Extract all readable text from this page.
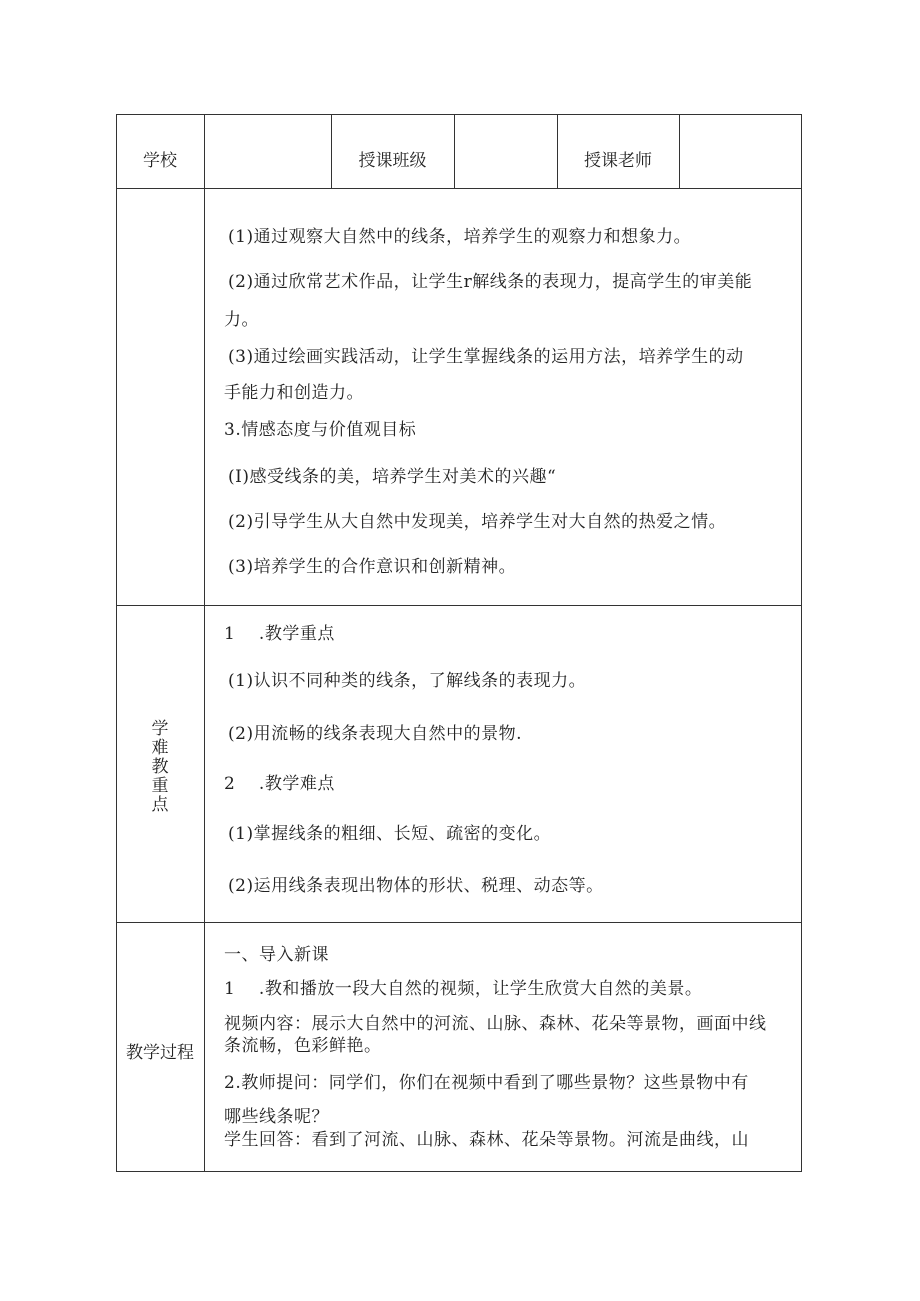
学校	授课班级	授课老师
(1)通过观察大自然中的线条，培养学生的观察力和想象力。
(2)通过欣常艺术作品，让学生r解线条的表现力，提高学生的审美能
力。
(3)通过绘画实践活动，让学生掌握线条的运用方法，培养学生的动
手能力和创造力。
3.情感态度与价值观目标
(I)感受线条的美，培养学生对美术的兴趣“
(2)引导学生从大自然中发现美，培养学生对大自然的热爱之情。
(3)培养学生的合作意识和创新精神。
学
难
教
重
点
1    .教学重点
(1)认识不同种类的线条，了解线条的表现力。
(2)用流畅的线条表现大自然中的景物.
2    .教学难点
(1)掌握线条的粗细、长短、疏密的变化。
(2)运用线条表现出物体的形状、税理、动态等。
教学过程
一、导入新课
1    .教和播放一段大自然的视频，让学生欣赏大自然的美景。
视频内容：展示大自然中的河流、山脉、森林、花朵等景物，画面中线
条流畅，色彩鲜艳。
2.教师提问：同学们，你们在视频中看到了哪些景物？这些景物中有
哪些线条呢？
学生回答：看到了河流、山脉、森林、花朵等景物。河流是曲线，山
